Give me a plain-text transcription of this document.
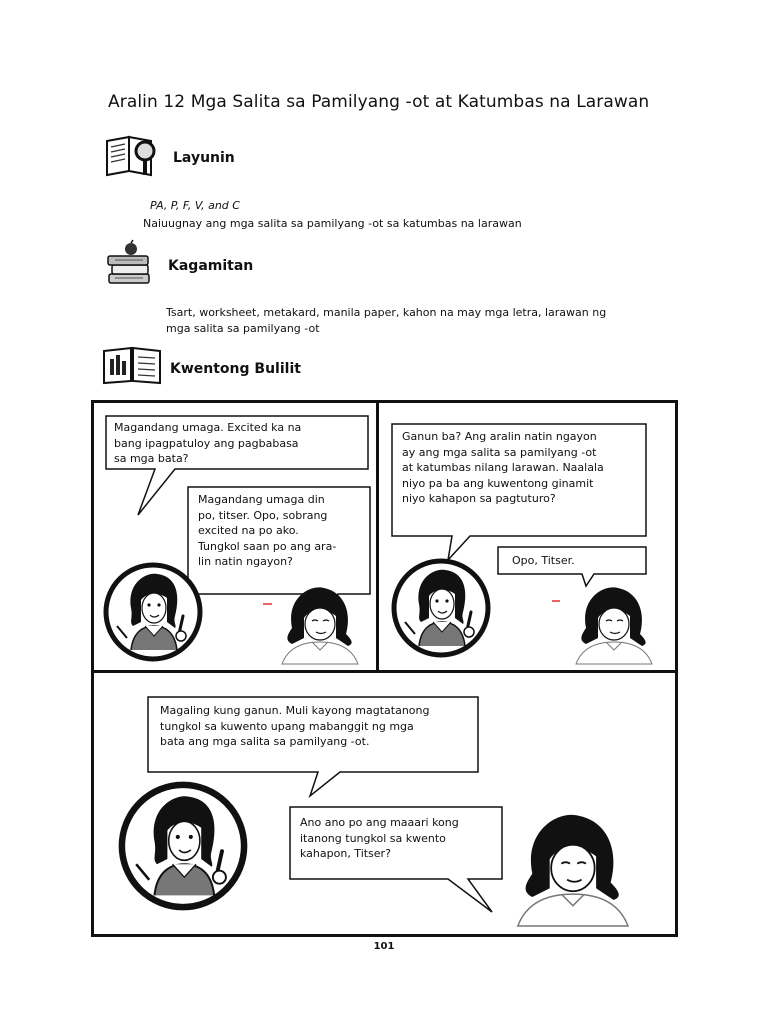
Aralin 12 Mga Salita sa Pamilyang -ot at Katumbas na Larawan
Layunin
PA, P, F, V, and C
Naiuugnay ang mga salita sa pamilyang -ot sa katumbas na larawan
Kagamitan
Tsart, worksheet, metakard, manila paper, kahon na may mga letra, larawan ng
mga salita sa pamilyang -ot
Kwentong Bulilit
Magandang umaga. Excited ka na
bang ipagpatuloy ang pagbabasa
sa mga bata?
Magandang umaga din
po, titser. Opo, sobrang
excited na po ako.
Tungkol saan po ang ara-
lin natin ngayon?
Ganun ba? Ang aralin natin ngayon
ay ang mga salita sa pamilyang -ot
at katumbas nilang larawan. Naalala
niyo pa ba ang kuwentong ginamit
niyo kahapon sa pagtuturo?
Opo, Titser.
Magaling kung ganun. Muli kayong magtatanong
tungkol sa kuwento upang mabanggit ng mga
bata ang mga salita sa pamilyang -ot.
Ano ano po ang maaari kong
itanong tungkol sa kwento
kahapon, Titser?
101
